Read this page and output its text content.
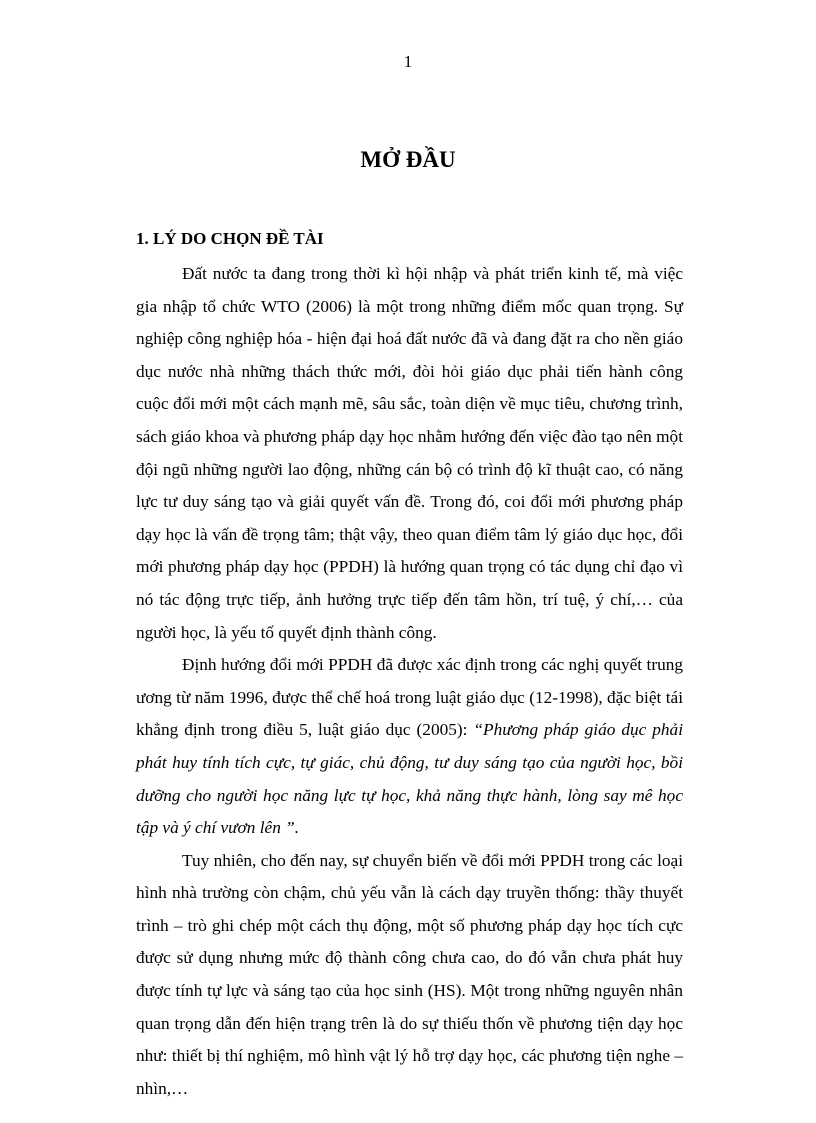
1
MỞ ĐẦU
1. LÝ DO CHỌN ĐỀ TÀI

Đất nước ta đang trong thời kì hội nhập và phát triển kinh tế, mà việc gia nhập tổ chức WTO (2006) là một trong những điểm mốc quan trọng. Sự nghiệp công nghiệp hóa - hiện đại hoá đất nước đã và đang đặt ra cho nền giáo dục nước nhà những thách thức mới, đòi hỏi giáo dục phải tiến hành công cuộc đổi mới một cách mạnh mẽ, sâu sắc, toàn diện về mục tiêu, chương trình, sách giáo khoa và phương pháp dạy học nhằm hướng đến việc đào tạo nên một đội ngũ những người lao động, những cán bộ có trình độ kĩ thuật cao, có năng lực tư duy sáng tạo và giải quyết vấn đề. Trong đó, coi đổi mới phương pháp dạy học là vấn đề trọng tâm; thật vậy, theo quan điểm tâm lý giáo dục học, đổi mới phương pháp dạy học (PPDH) là hướng quan trọng có tác dụng chỉ đạo vì nó tác động trực tiếp, ảnh hưởng trực tiếp đến tâm hồn, trí tuệ, ý chí,… của người học, là yếu tố quyết định thành công.

Định hướng đổi mới PPDH đã được xác định trong các nghị quyết trung ương từ năm 1996, được thể chế hoá trong luật giáo dục (12-1998), đặc biệt tái khẳng định trong điều 5, luật giáo dục (2005): “Phương pháp giáo dục phải phát huy tính tích cực, tự giác, chủ động, tư duy sáng tạo của người học, bồi dưỡng cho người học năng lực tự học, khả năng thực hành, lòng say mê học tập và ý chí vươn lên ”.

Tuy nhiên, cho đến nay, sự chuyển biến về đổi mới PPDH trong các loại hình nhà trường còn chậm, chủ yếu vẫn là cách dạy truyền thống: thầy thuyết trình – trò ghi chép một cách thụ động, một số phương pháp dạy học tích cực được sử dụng nhưng mức độ thành công chưa cao, do đó vẫn chưa phát huy được tính tự lực và sáng tạo của học sinh (HS). Một trong những nguyên nhân quan trọng dẫn đến hiện trạng trên là do sự thiếu thốn về phương tiện dạy học như: thiết bị thí nghiệm, mô hình vật lý hỗ trợ dạy học, các phương tiện nghe – nhìn,…
